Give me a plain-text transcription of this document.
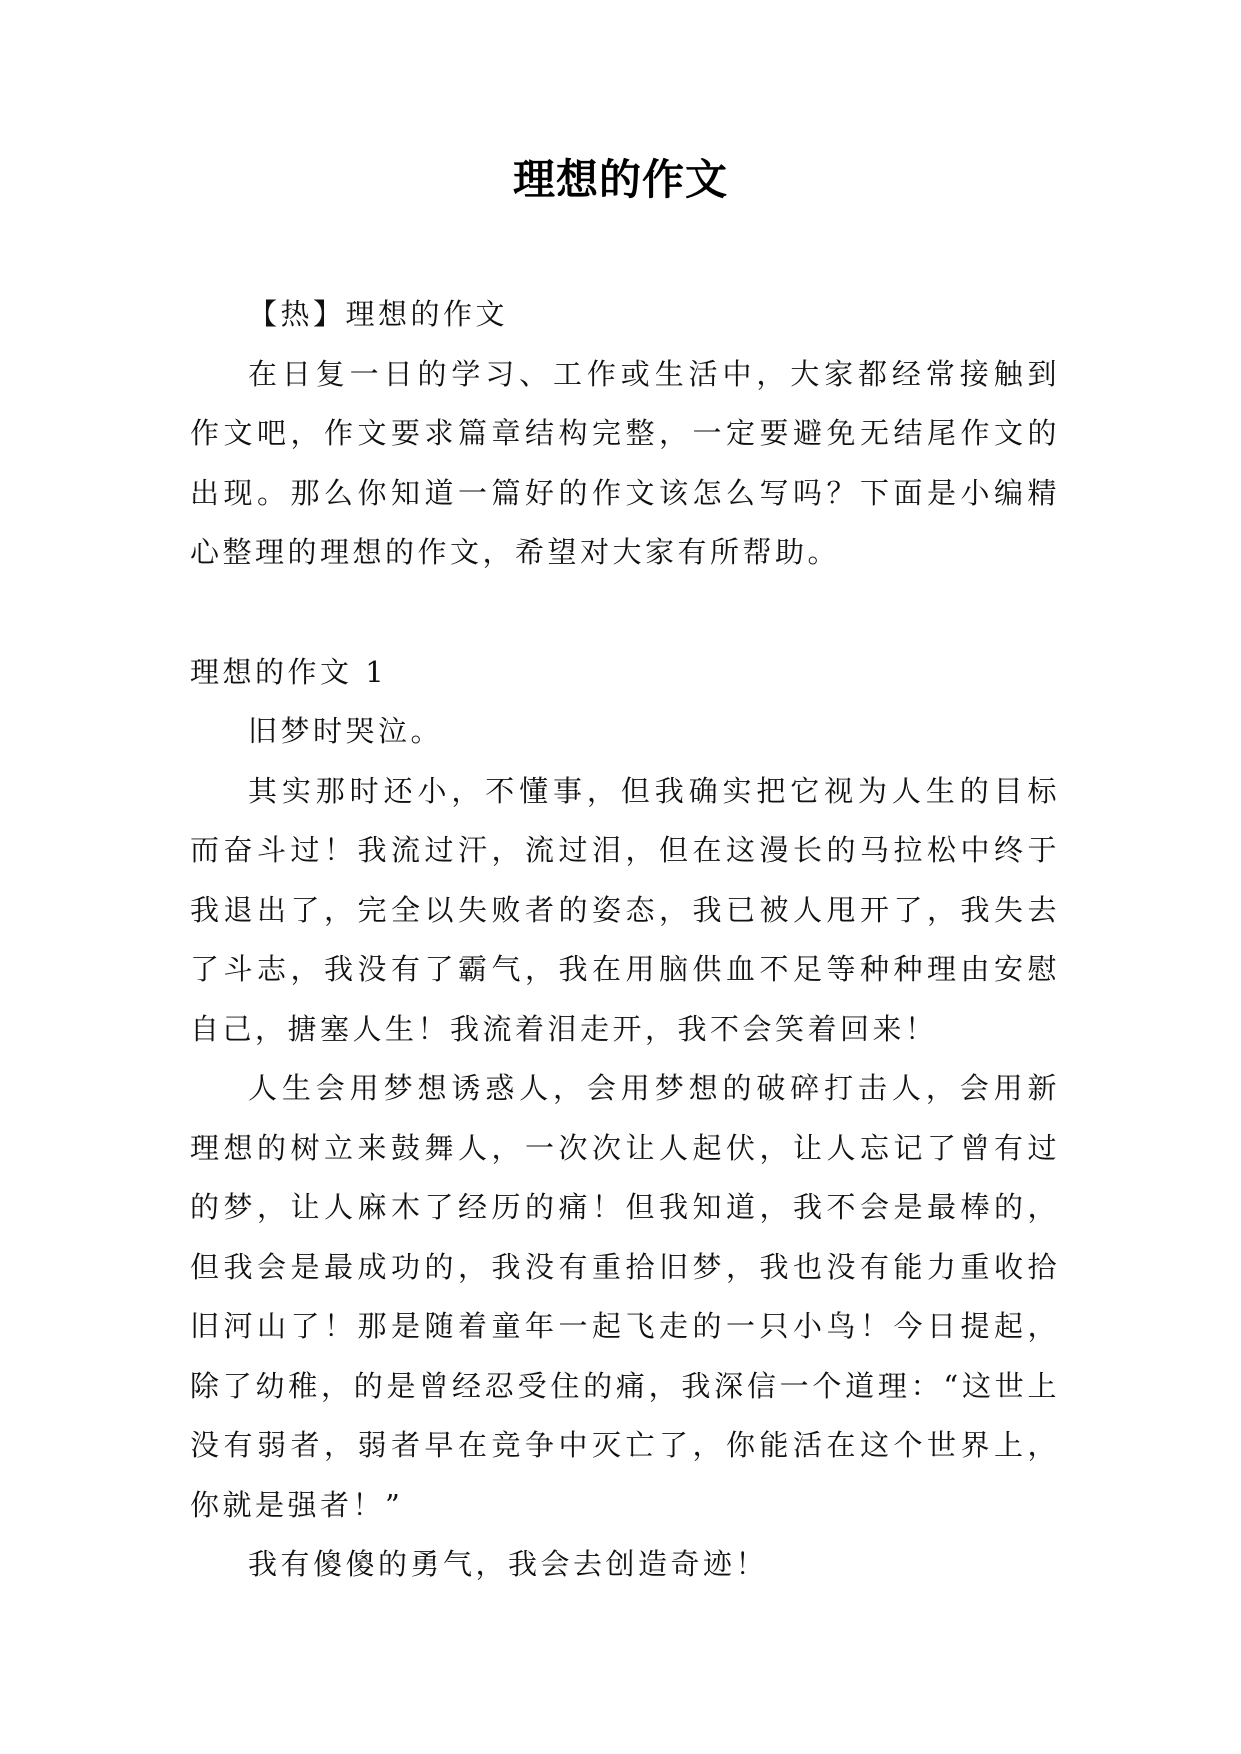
理想的作文

【热】理想的作文

在日复一日的学习、工作或生活中，大家都经常接触到作文吧，作文要求篇章结构完整，一定要避免无结尾作文的出现。那么你知道一篇好的作文该怎么写吗？下面是小编精心整理的理想的作文，希望对大家有所帮助。

理想的作文 1

旧梦时哭泣。

其实那时还小，不懂事，但我确实把它视为人生的目标而奋斗过！我流过汗，流过泪，但在这漫长的马拉松中终于我退出了，完全以失败者的姿态，我已被人甩开了，我失去了斗志，我没有了霸气，我在用脑供血不足等种种理由安慰自己，搪塞人生！我流着泪走开，我不会笑着回来！

人生会用梦想诱惑人，会用梦想的破碎打击人，会用新理想的树立来鼓舞人，一次次让人起伏，让人忘记了曾有过的梦，让人麻木了经历的痛！但我知道，我不会是最棒的，但我会是最成功的，我没有重拾旧梦，我也没有能力重收拾旧河山了！那是随着童年一起飞走的一只小鸟！今日提起，除了幼稚，的是曾经忍受住的痛，我深信一个道理：“这世上没有弱者，弱者早在竞争中灭亡了，你能活在这个世界上，你就是强者！”

我有傻傻的勇气，我会去创造奇迹！
